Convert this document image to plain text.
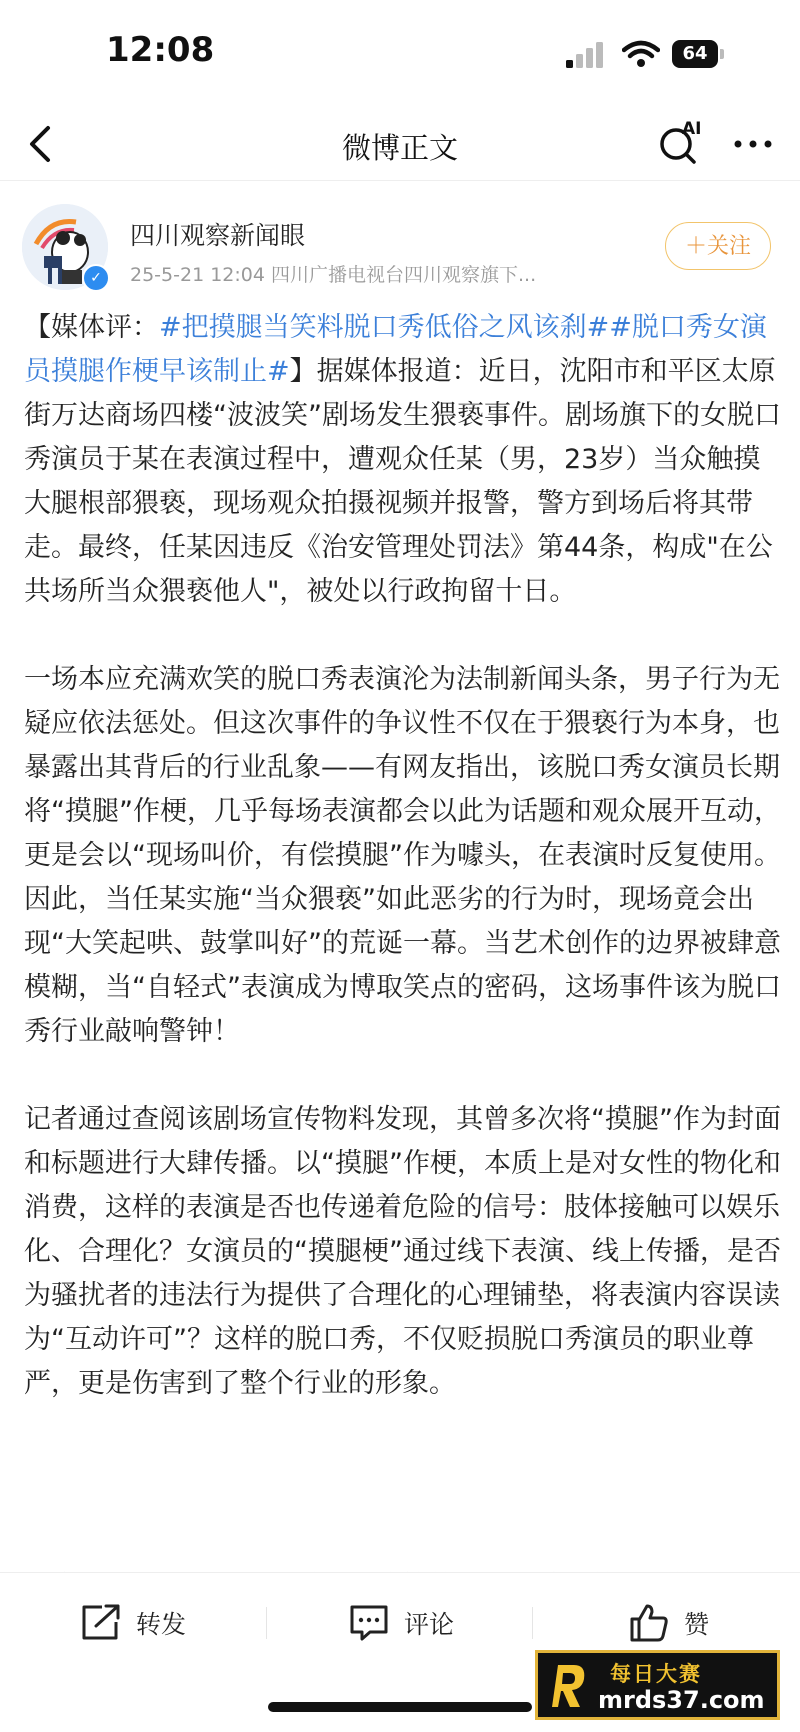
12:08	64
微博正文
AI
✓
四川观察新闻眼
25-5-21 12:04 四川广播电视台四川观察旗下...
＋关注

【媒体评：#把摸腿当笑料脱口秀低俗之风该刹##脱口秀女演员摸腿作梗早该制止#】据媒体报道：近日，沈阳市和平区太原街万达商场四楼“波波笑”剧场发生猥亵事件。剧场旗下的女脱口秀演员于某在表演过程中，遭观众任某（男，23岁）当众触摸大腿根部猥亵，现场观众拍摄视频并报警，警方到场后将其带走。最终，任某因违反《治安管理处罚法》第44条，构成"在公共场所当众猥亵他人"，被处以行政拘留十日。

一场本应充满欢笑的脱口秀表演沦为法制新闻头条，男子行为无疑应依法惩处。但这次事件的争议性不仅在于猥亵行为本身，也暴露出其背后的行业乱象——有网友指出，该脱口秀女演员长期将“摸腿”作梗，几乎每场表演都会以此为话题和观众展开互动，更是会以“现场叫价，有偿摸腿”作为噱头，在表演时反复使用。因此，当任某实施“当众猥亵”如此恶劣的行为时，现场竟会出现“大笑起哄、鼓掌叫好”的荒诞一幕。当艺术创作的边界被肆意模糊，当“自轻式”表演成为博取笑点的密码，这场事件该为脱口秀行业敲响警钟！

记者通过查阅该剧场宣传物料发现，其曾多次将“摸腿”作为封面和标题进行大肆传播。以“摸腿”作梗，本质上是对女性的物化和消费，这样的表演是否也传递着危险的信号：肢体接触可以娱乐化、合理化？女演员的“摸腿梗”通过线下表演、线上传播，是否为骚扰者的违法行为提供了合理化的心理铺垫，将表演内容误读为“互动许可”？这样的脱口秀，不仅贬损脱口秀演员的职业尊严，更是伤害到了整个行业的形象。

转发	评论	赞
每日大赛
mrds37.com
